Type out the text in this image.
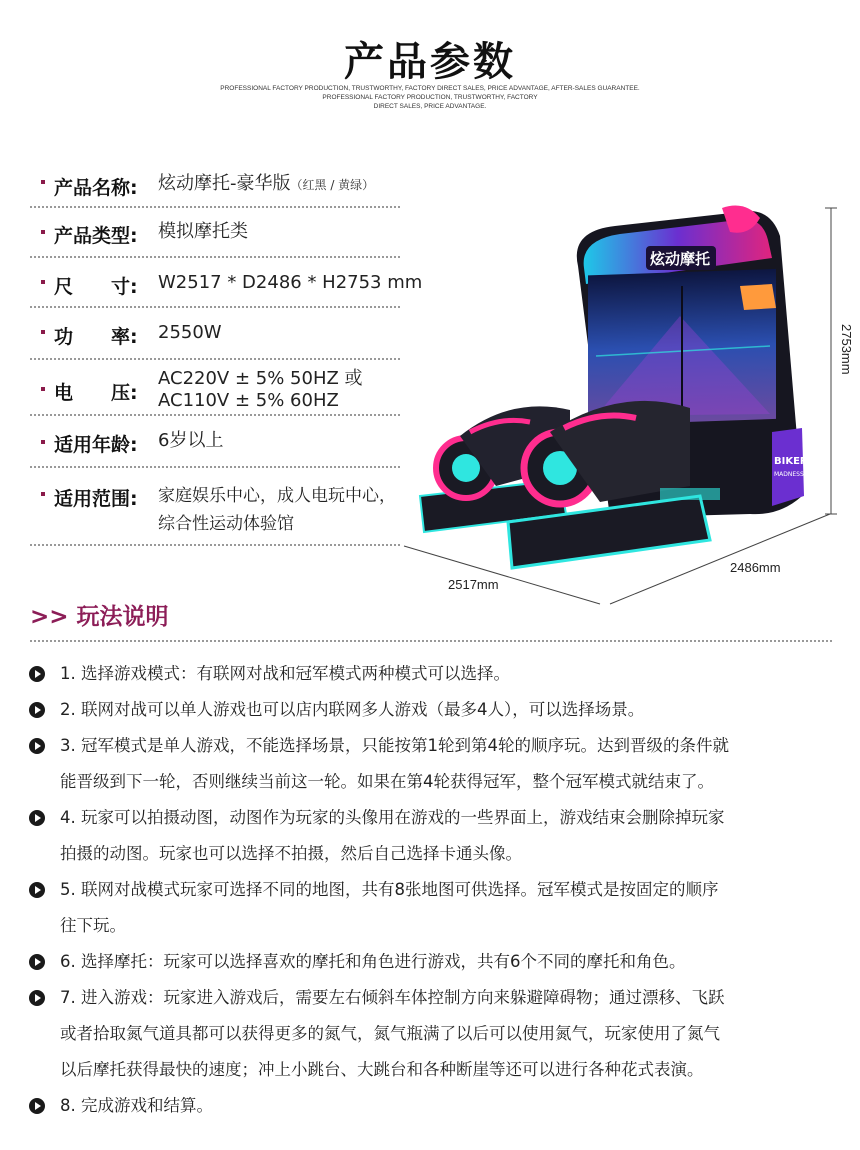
产品参数
PROFESSIONAL FACTORY PRODUCTION, TRUSTWORTHY, FACTORY DIRECT SALES, PRICE ADVANTAGE, AFTER-SALES GUARANTEE.
PROFESSIONAL FACTORY PRODUCTION, TRUSTWORTHY, FACTORY
DIRECT SALES, PRICE ADVANTAGE.
产品名称: 炫动摩托-豪华版（红黑 / 黄绿）
产品类型: 模拟摩托类
尺　　寸: W2517 * D2486 * H2753 mm
功　　率: 2550W
电　　压:
AC220V ± 5% 50HZ 或
AC110V ± 5% 60HZ
适用年龄: 6岁以上
适用范围: 家庭娱乐中心，成人电玩中心，
综合性运动体验馆
2753mm
2517mm
2486mm
炫动摩托
BIKERS
MADNESS
>> 玩法说明
1. 选择游戏模式：有联网对战和冠军模式两种模式可以选择。
2. 联网对战可以单人游戏也可以店内联网多人游戏（最多4人），可以选择场景。
3. 冠军模式是单人游戏，不能选择场景，只能按第1轮到第4轮的顺序玩。达到晋级的条件就
能晋级到下一轮，否则继续当前这一轮。如果在第4轮获得冠军，整个冠军模式就结束了。
4. 玩家可以拍摄动图，动图作为玩家的头像用在游戏的一些界面上，游戏结束会删除掉玩家
拍摄的动图。玩家也可以选择不拍摄，然后自己选择卡通头像。
5. 联网对战模式玩家可选择不同的地图，共有8张地图可供选择。冠军模式是按固定的顺序
往下玩。
6. 选择摩托：玩家可以选择喜欢的摩托和角色进行游戏，共有6个不同的摩托和角色。
7. 进入游戏：玩家进入游戏后，需要左右倾斜车体控制方向来躲避障碍物；通过漂移、飞跃
或者拾取氮气道具都可以获得更多的氮气，氮气瓶满了以后可以使用氮气，玩家使用了氮气
以后摩托获得最快的速度；冲上小跳台、大跳台和各种断崖等还可以进行各种花式表演。
8. 完成游戏和结算。
